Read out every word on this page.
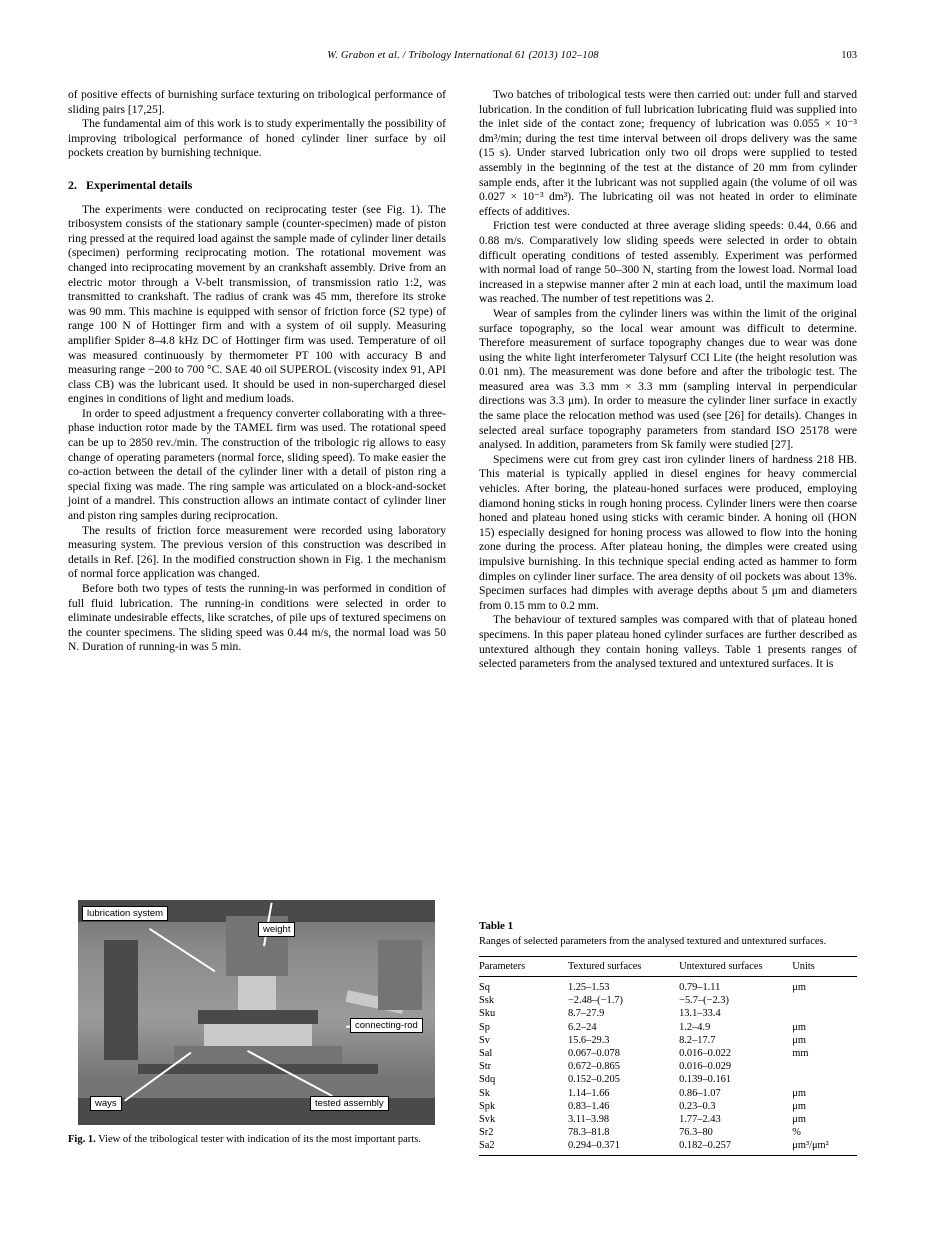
W. Grabon et al. / Tribology International 61 (2013) 102–108	103

of positive effects of burnishing surface texturing on tribological performance of sliding pairs [17,25].

The fundamental aim of this work is to study experimentally the possibility of improving tribological performance of honed cylinder liner surface by oil pockets creation by burnishing technique.

2. Experimental details

The experiments were conducted on reciprocating tester (see Fig. 1). The tribosystem consists of the stationary sample (counter-specimen) made of piston ring pressed at the required load against the sample made of cylinder liner details (specimen) performing reciprocating motion. The rotational movement was changed into reciprocating movement by an crankshaft assembly. Drive from an electric motor through a V-belt transmission, of transmission ratio 1:2, was transmitted to crankshaft. The radius of crank was 45 mm, therefore its stroke was 90 mm. This machine is equipped with sensor of friction force (S2 type) of range 100 N of Hottinger firm and with a system of oil supply. Measuring amplifier Spider 8–4.8 kHz DC of Hottinger firm was used. Temperature of oil was measured continuously by thermometer PT 100 with accuracy B and measuring range −200 to 700 °C. SAE 40 oil SUPEROL (viscosity index 91, API class CB) was the lubricant used. It should be used in non-supercharged diesel engines in conditions of light and medium loads.

In order to speed adjustment a frequency converter collaborating with a three-phase induction rotor made by the TAMEL firm was used. The rotational speed can be up to 2850 rev./min. The construction of the tribologic rig allows to easy change of operating parameters (normal force, sliding speed). To make easier the co-action between the detail of the cylinder liner with a detail of piston ring a special fixing was made. The ring sample was articulated on a block-and-socket joint of a mandrel. This construction allows an intimate contact of cylinder liner and piston ring samples during reciprocation.

The results of friction force measurement were recorded using laboratory measuring system. The previous version of this construction was described in details in Ref. [26]. In the modified construction shown in Fig. 1 the mechanism of normal force application was changed.

Before both two types of tests the running-in was performed in condition of full fluid lubrication. The running-in conditions were selected in order to eliminate undesirable effects, like scratches, of pile ups of textured specimens on the counter specimens. The sliding speed was 0.44 m/s, the normal load was 50 N. Duration of running-in was 5 min.

Two batches of tribological tests were then carried out: under full and starved lubrication. In the condition of full lubrication lubricating fluid was supplied into the inlet side of the contact zone; frequency of lubrication was 0.055 × 10⁻³ dm³/min; during the test time interval between oil drops delivery was the same (15 s). Under starved lubrication only two oil drops were supplied to tested assembly in the beginning of the test at the distance of 20 mm from cylinder sample ends, after it the lubricant was not supplied again (the volume of oil was 0.027 × 10⁻³ dm³). The lubricating oil was not heated in order to eliminate effects of additives.

Friction test were conducted at three average sliding speeds: 0.44, 0.66 and 0.88 m/s. Comparatively low sliding speeds were selected in order to obtain difficult operating conditions of tested assembly. Experiment was performed with normal load of range 50–300 N, starting from the lowest load. Normal load increased in a stepwise manner after 2 min at each load, until the maximum load was reached. The number of test repetitions was 2.

Wear of samples from the cylinder liners was within the limit of the original surface topography, so the local wear amount was difficult to determine. Therefore measurement of surface topography changes due to wear was done using the white light interferometer Talysurf CCI Lite (the height resolution was 0.01 nm). The measurement was done before and after the tribologic test. The measured area was 3.3 mm × 3.3 mm (sampling interval in perpendicular directions was 3.3 μm). In order to measure the cylinder liner surface in exactly the same place the relocation method was used (see [26] for details). Changes in selected areal surface topography parameters from standard ISO 25178 were analysed. In addition, parameters from Sk family were studied [27].

Specimens were cut from grey cast iron cylinder liners of hardness 218 HB. This material is typically applied in diesel engines for heavy commercial vehicles. After boring, the plateau-honed surfaces were produced, employing diamond honing sticks in rough honing process. Cylinder liners were then coarse honed and plateau honed using sticks with ceramic binder. A honing oil (HON 15) especially designed for honing process was allowed to flow into the honing zone during the process. After plateau honing, the dimples were created using impulsive burnishing. In this technique special ending acted as hammer to form dimples on cylinder liner surface. The area density of oil pockets was about 13%. Specimen surfaces had dimples with average depths about 5 μm and diameters from 0.15 mm to 0.2 mm.

The behaviour of textured samples was compared with that of plateau honed specimens. In this paper plateau honed cylinder surfaces are further described as untextured although they contain honing valleys. Table 1 presents ranges of selected parameters from the analysed textured and untextured surfaces. It is

lubrication system
weight
connecting-rod
ways	tested assembly
Fig. 1. View of the tribological tester with indication of its the most important parts.
Table 1
Ranges of selected parameters from the analysed textured and untextured surfaces.
Parameters	Textured surfaces	Untextured surfaces	Units
Sq	1.25–1.53	0.79–1.11	μm
Ssk	−2.48–(−1.7)	−5.7–(−2.3)	
Sku	8.7–27.9	13.1–33.4	
Sp	6.2–24	1.2–4.9	μm
Sv	15.6–29.3	8.2–17.7	μm
Sal	0.067–0.078	0.016–0.022	mm
Str	0.672–0.865	0.016–0.029	
Sdq	0.152–0.205	0.139–0.161	
Sk	1.14–1.66	0.86–1.07	μm
Spk	0.83–1.46	0.23–0.3	μm
Svk	3.11–3.98	1.77–2.43	μm
Sr2	78.3–81.8	76.3–80	%
Sa2	0.294–0.371	0.182–0.257	μm³/μm²
